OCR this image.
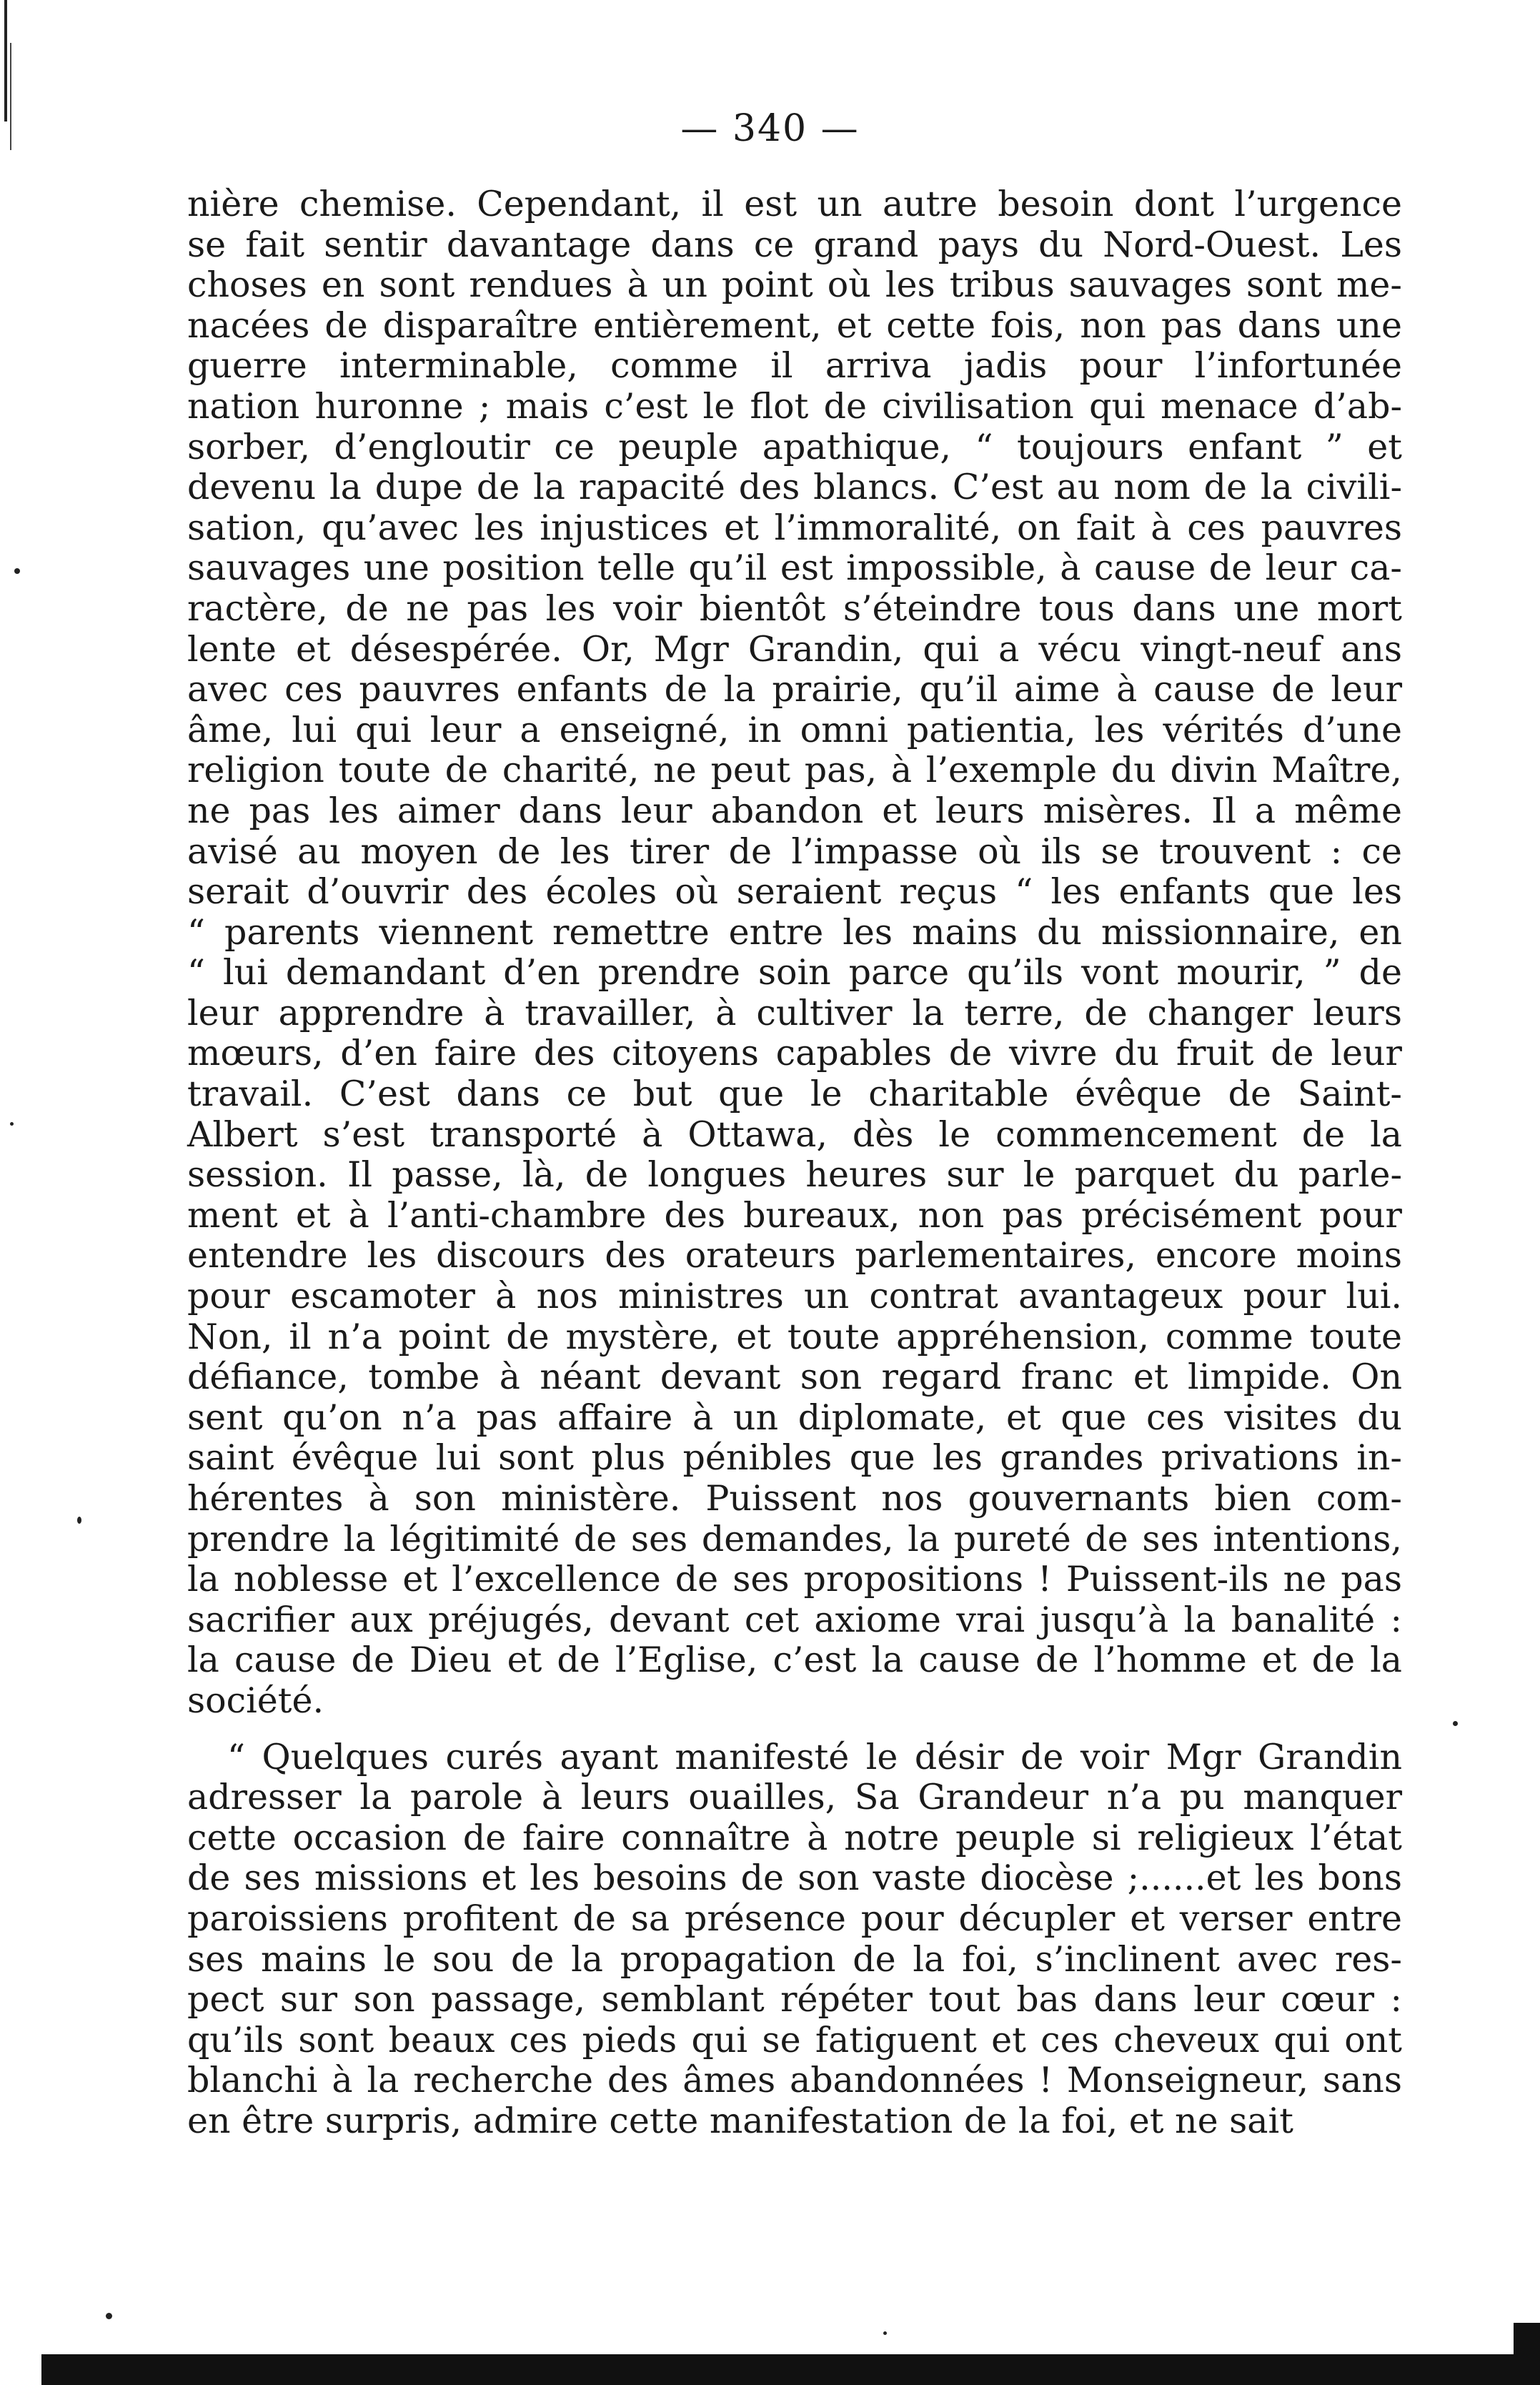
— 340 —
nière chemise. Cependant, il est un autre besoin dont l’urgence
se fait sentir davantage dans ce grand pays du Nord-Ouest. Les
choses en sont rendues à un point où les tribus sauvages sont me-
nacées de disparaître entièrement, et cette fois, non pas dans une
guerre interminable, comme il arriva jadis pour l’infortunée
nation huronne ; mais c’est le flot de civilisation qui menace d’ab-
sorber, d’engloutir ce peuple apathique, “ toujours enfant ” et
devenu la dupe de la rapacité des blancs. C’est au nom de la civili-
sation, qu’avec les injustices et l’immoralité, on fait à ces pauvres
sauvages une position telle qu’il est impossible, à cause de leur ca-
ractère, de ne pas les voir bientôt s’éteindre tous dans une mort
lente et désespérée. Or, Mgr Grandin, qui a vécu vingt-neuf ans
avec ces pauvres enfants de la prairie, qu’il aime à cause de leur
âme, lui qui leur a enseigné, in omni patientia, les vérités d’une
religion toute de charité, ne peut pas, à l’exemple du divin Maître,
ne pas les aimer dans leur abandon et leurs misères. Il a même
avisé au moyen de les tirer de l’impasse où ils se trouvent : ce
serait d’ouvrir des écoles où seraient reçus “ les enfants que les
“ parents viennent remettre entre les mains du missionnaire, en
“ lui demandant d’en prendre soin parce qu’ils vont mourir, ” de
leur apprendre à travailler, à cultiver la terre, de changer leurs
mœurs, d’en faire des citoyens capables de vivre du fruit de leur
travail. C’est dans ce but que le charitable évêque de Saint-
Albert s’est transporté à Ottawa, dès le commencement de la
session. Il passe, là, de longues heures sur le parquet du parle-
ment et à l’anti-chambre des bureaux, non pas précisément pour
entendre les discours des orateurs parlementaires, encore moins
pour escamoter à nos ministres un contrat avantageux pour lui.
Non, il n’a point de mystère, et toute appréhension, comme toute
défiance, tombe à néant devant son regard franc et limpide. On
sent qu’on n’a pas affaire à un diplomate, et que ces visites du
saint évêque lui sont plus pénibles que les grandes privations in-
hérentes à son ministère. Puissent nos gouvernants bien com-
prendre la légitimité de ses demandes, la pureté de ses intentions,
la noblesse et l’excellence de ses propositions ! Puissent-ils ne pas
sacrifier aux préjugés, devant cet axiome vrai jusqu’à la banalité :
la cause de Dieu et de l’Eglise, c’est la cause de l’homme et de la
société.
“ Quelques curés ayant manifesté le désir de voir Mgr Grandin
adresser la parole à leurs ouailles, Sa Grandeur n’a pu manquer
cette occasion de faire connaître à notre peuple si religieux l’état
de ses missions et les besoins de son vaste diocèse ;......et les bons
paroissiens profitent de sa présence pour décupler et verser entre
ses mains le sou de la propagation de la foi, s’inclinent avec res-
pect sur son passage, semblant répéter tout bas dans leur cœur :
qu’ils sont beaux ces pieds qui se fatiguent et ces cheveux qui ont
blanchi à la recherche des âmes abandonnées ! Monseigneur, sans
en être surpris, admire cette manifestation de la foi, et ne sait
